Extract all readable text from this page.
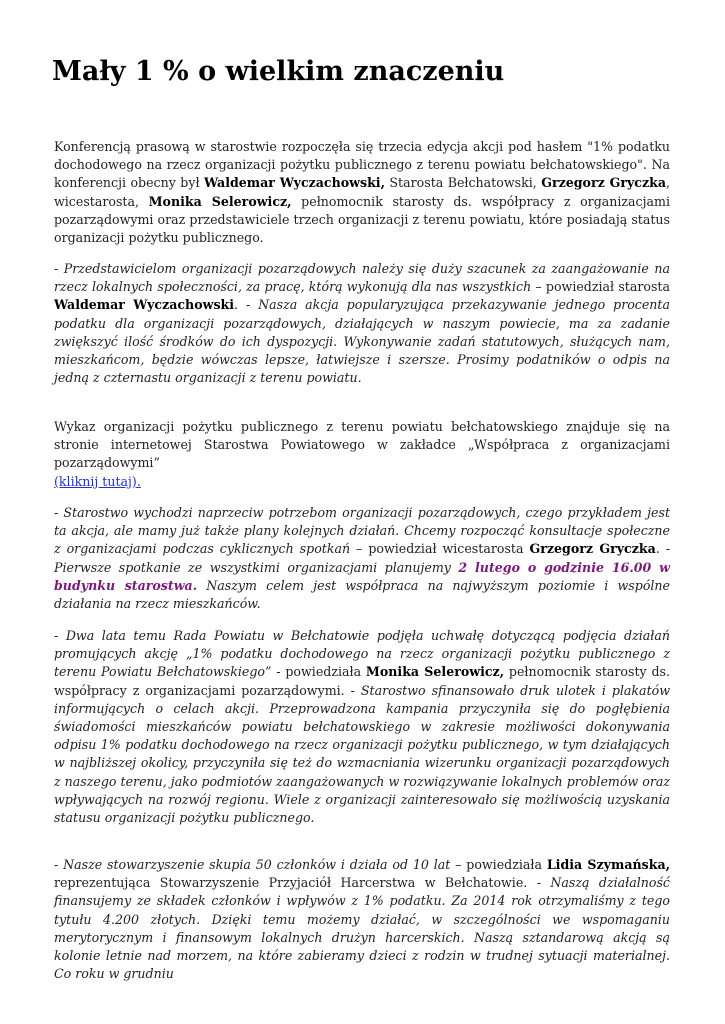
Mały 1 % o wielkim znaczeniu

Konferencją prasową w starostwie rozpoczęła się trzecia edycja akcji pod hasłem "1% podatku dochodowego na rzecz organizacji pożytku publicznego z terenu powiatu bełchatowskiego". Na konferencji obecny był Waldemar Wyczachowski, Starosta Bełchatowski, Grzegorz Gryczka, wicestarosta, Monika Selerowicz, pełnomocnik starosty ds. współpracy z organizacjami pozarządowymi oraz przedstawiciele trzech organizacji z terenu powiatu, które posiadają status organizacji pożytku publicznego.

- Przedstawicielom organizacji pozarządowych należy się duży szacunek za zaangażowanie na rzecz lokalnych społeczności, za pracę, którą wykonują dla nas wszystkich – powiedział starosta Waldemar Wyczachowski. - Nasza akcja popularyzująca przekazywanie jednego procenta podatku dla organizacji pozarządowych, działających w naszym powiecie, ma za zadanie zwiększyć ilość środków do ich dyspozycji. Wykonywanie zadań statutowych, służących nam, mieszkańcom, będzie wówczas lepsze, łatwiejsze i szersze. Prosimy podatników o odpis na jedną z czternastu organizacji z terenu powiatu.

Wykaz organizacji pożytku publicznego z terenu powiatu bełchatowskiego znajduje się na stronie internetowej Starostwa Powiatowego w zakładce „Współpraca z organizacjami pozarządowymi”
(kliknij tutaj).

- Starostwo wychodzi naprzeciw potrzebom organizacji pozarządowych, czego przykładem jest ta akcja, ale mamy już także plany kolejnych działań. Chcemy rozpocząć konsultacje społeczne z organizacjami podczas cyklicznych spotkań – powiedział wicestarosta Grzegorz Gryczka. - Pierwsze spotkanie ze wszystkimi organizacjami planujemy 2 lutego o godzinie 16.00 w budynku starostwa. Naszym celem jest współpraca na najwyższym poziomie i wspólne działania na rzecz mieszkańców.

- Dwa lata temu Rada Powiatu w Bełchatowie podjęła uchwałę dotyczącą podjęcia działań promujących akcję „1% podatku dochodowego na rzecz organizacji pożytku publicznego z terenu Powiatu Bełchatowskiego” - powiedziała Monika Selerowicz, pełnomocnik starosty ds. współpracy z organizacjami pozarządowymi. - Starostwo sfinansowało druk ulotek i plakatów informujących o celach akcji. Przeprowadzona kampania przyczyniła się do pogłębienia świadomości mieszkańców powiatu bełchatowskiego w zakresie możliwości dokonywania odpisu 1% podatku dochodowego na rzecz organizacji pożytku publicznego, w tym działających w najbliższej okolicy, przyczyniła się też do wzmacniania wizerunku organizacji pozarządowych z naszego terenu, jako podmiotów zaangażowanych w rozwiązywanie lokalnych problemów oraz wpływających na rozwój regionu. Wiele z organizacji zainteresowało się możliwością uzyskania statusu organizacji pożytku publicznego.

- Nasze stowarzyszenie skupia 50 członków i działa od 10 lat – powiedziała Lidia Szymańska, reprezentująca Stowarzyszenie Przyjaciół Harcerstwa w Bełchatowie. - Naszą działalność finansujemy ze składek członków i wpływów z 1% podatku. Za 2014 rok otrzymaliśmy z tego tytułu 4.200 złotych. Dzięki temu możemy działać, w szczególności we wspomaganiu merytorycznym i finansowym lokalnych drużyn harcerskich. Naszą sztandarową akcją są kolonie letnie nad morzem, na które zabieramy dzieci z rodzin w trudnej sytuacji materialnej. Co roku w grudniu
